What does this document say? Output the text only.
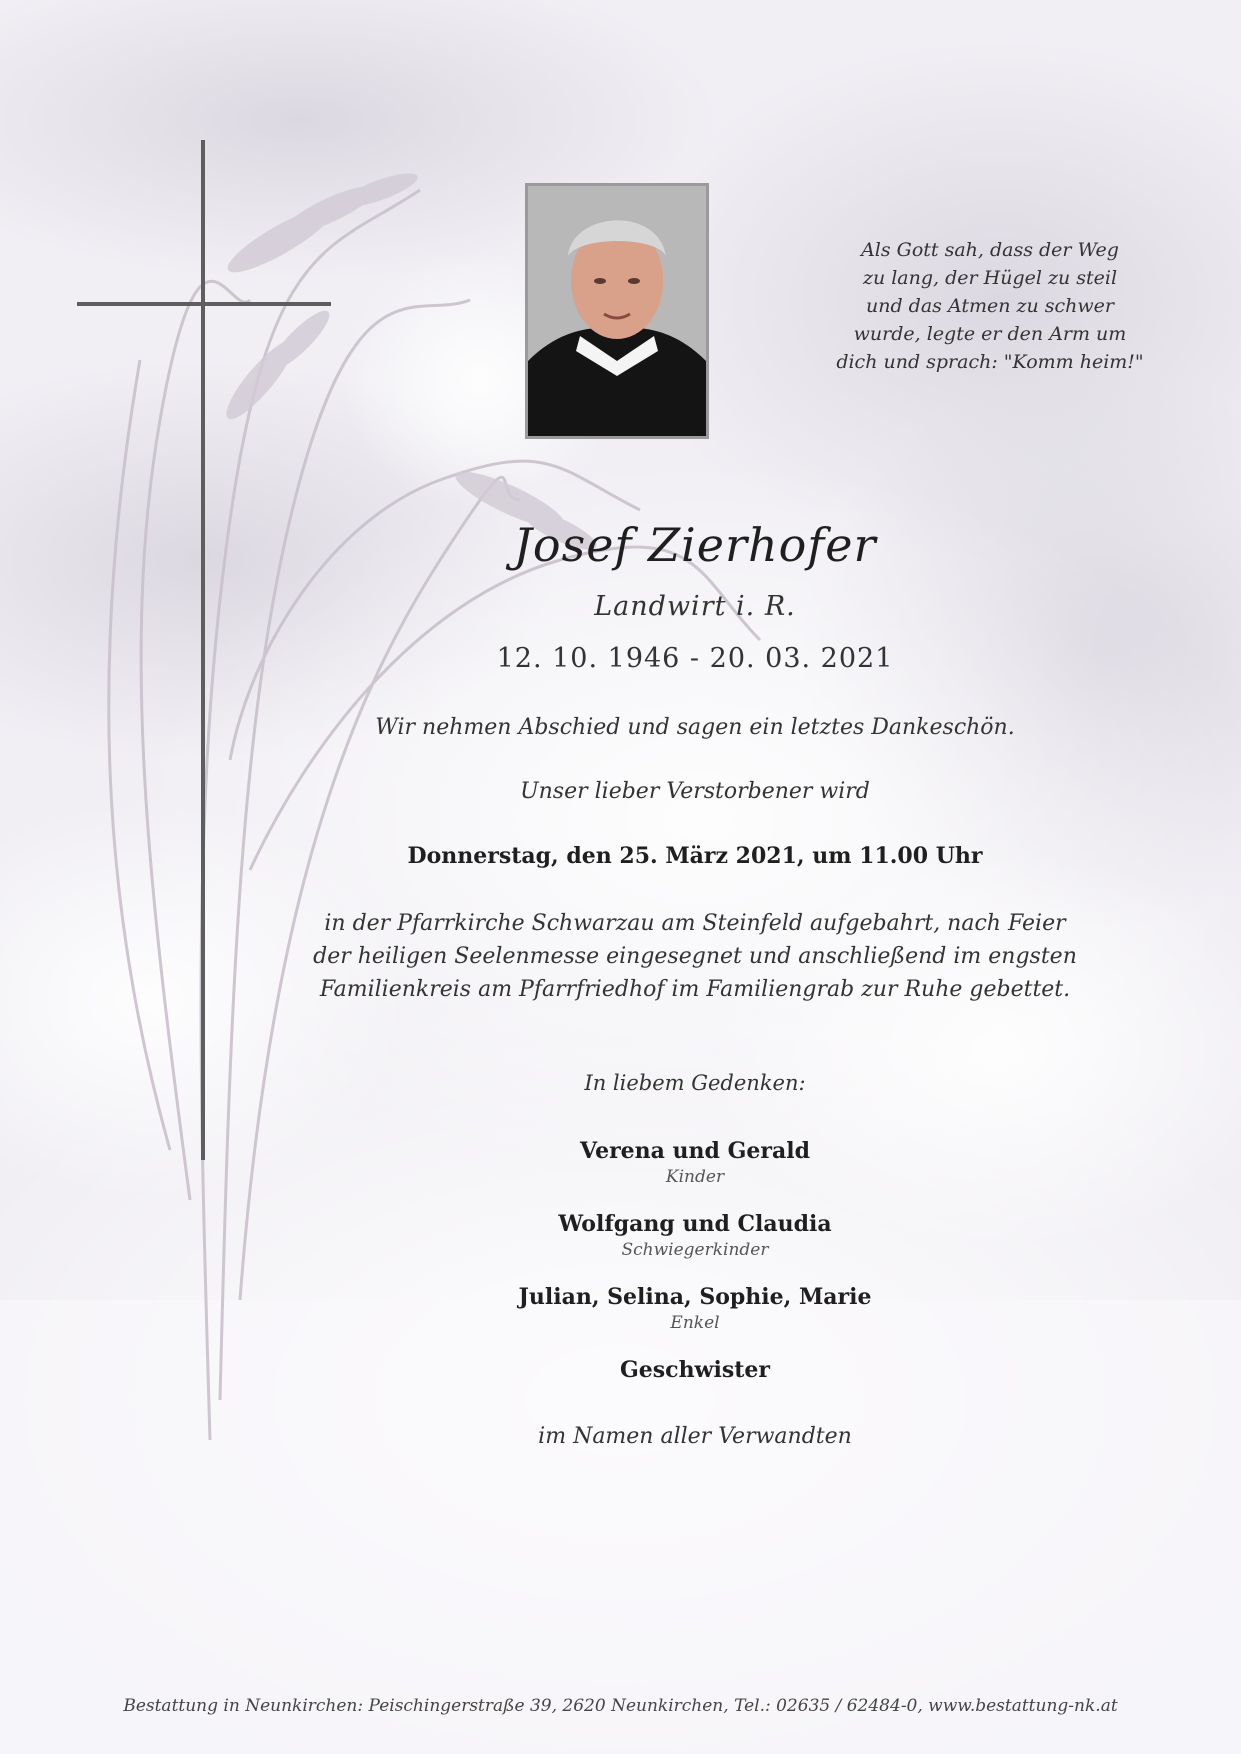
Als Gott sah, dass der Weg
zu lang, der Hügel zu steil
und das Atmen zu schwer
wurde, legte er den Arm um
dich und sprach: "Komm heim!"
Josef Zierhofer
Landwirt i. R.
12. 10. 1946 - 20. 03. 2021
Wir nehmen Abschied und sagen ein letztes Dankeschön.
Unser lieber Verstorbener wird
Donnerstag, den 25. März 2021, um 11.00 Uhr
in der Pfarrkirche Schwarzau am Steinfeld aufgebahrt, nach Feier
der heiligen Seelenmesse eingesegnet und anschließend im engsten
Familienkreis am Pfarrfriedhof im Familiengrab zur Ruhe gebettet.
In liebem Gedenken:
Verena und Gerald
Kinder
Wolfgang und Claudia
Schwiegerkinder
Julian, Selina, Sophie, Marie
Enkel
Geschwister
im Namen aller Verwandten
Bestattung in Neunkirchen: Peischingerstraße 39, 2620 Neunkirchen, Tel.: 02635 / 62484-0, www.bestattung-nk.at
